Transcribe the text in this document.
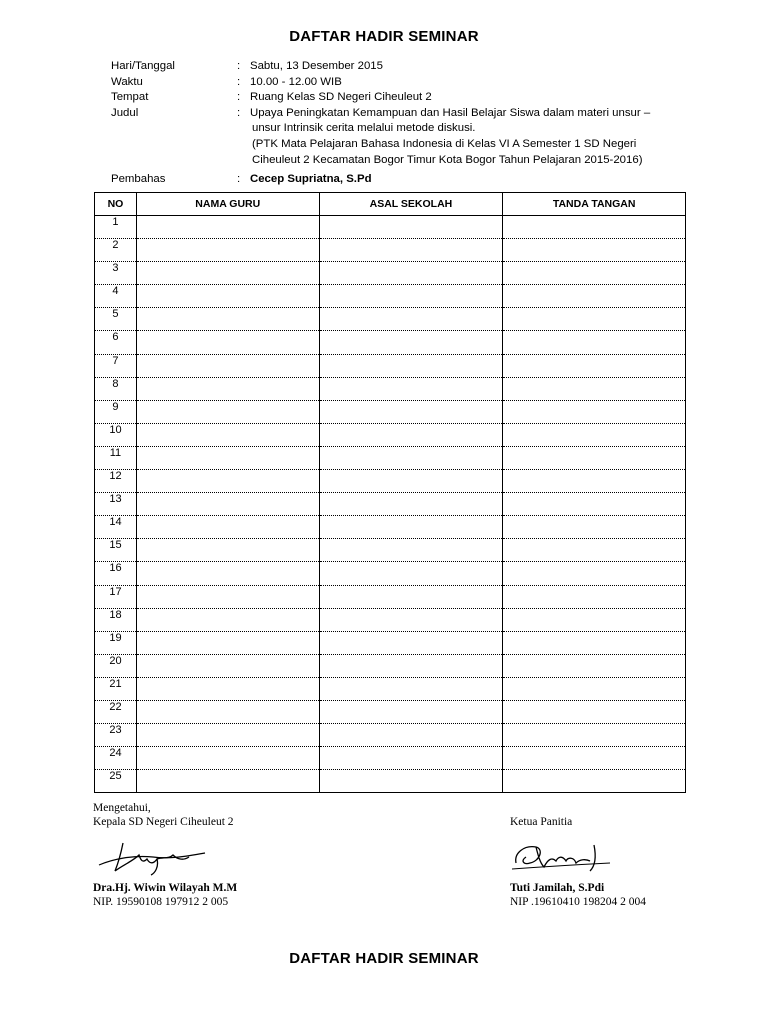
DAFTAR HADIR SEMINAR
Hari/Tanggal	: Sabtu, 13 Desember 2015
Waktu	: 10.00 - 12.00 WIB
Tempat	: Ruang Kelas SD Negeri Ciheuleut 2
Judul	: Upaya Peningkatan Kemampuan dan Hasil Belajar Siswa dalam materi unsur –
unsur Intrinsik cerita melalui metode diskusi.
(PTK Mata Pelajaran Bahasa Indonesia di Kelas VI A Semester 1 SD Negeri
Ciheuleut 2 Kecamatan Bogor Timur Kota Bogor Tahun Pelajaran 2015-2016)
Pembahas	: Cecep Supriatna, S.Pd
NO	NAMA GURU	ASAL SEKOLAH	TANDA TANGAN
1			
2			
3			
4			
5			
6			
7			
8			
9			
10			
11			
12			
13			
14			
15			
16			
17			
18			
19			
20			
21			
22			
23			
24			
25			
Mengetahui,
Kepala SD Negeri Ciheuleut 2
Dra.Hj. Wiwin Wilayah M.M
NIP. 19590108 197912 2 005
Ketua Panitia
Tuti Jamilah, S.Pdi
NIP .19610410 198204 2 004
DAFTAR HADIR SEMINAR
